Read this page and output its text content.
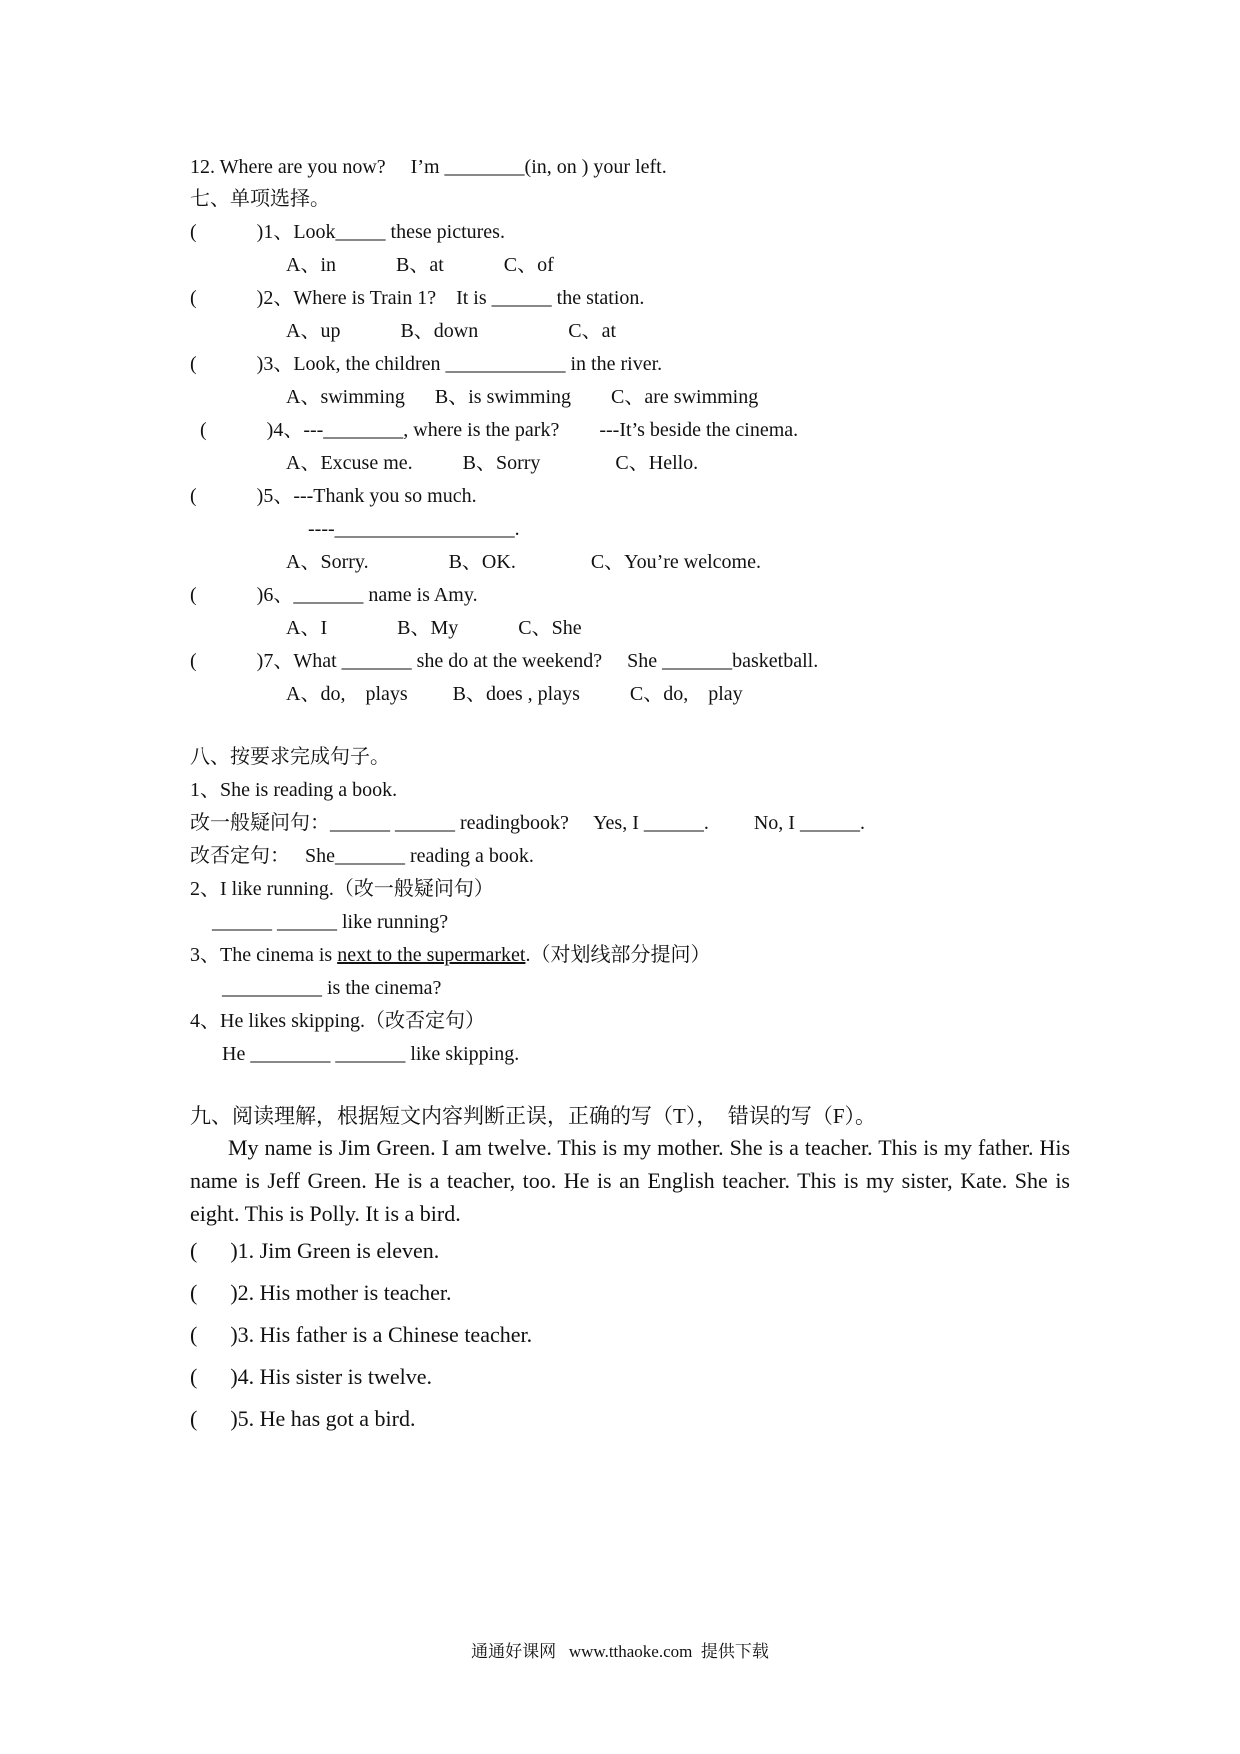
12. Where are you now?     I’m ________(in, on ) your left.
七、单项选择。
(            )1、Look_____ these pictures.
A、in            B、at            C、of
(            )2、Where is Train 1?    It is ______ the station.
A、up            B、down                  C、at
(            )3、Look, the children ____________ in the river.
A、swimming      B、is swimming        C、are swimming
(            )4、---________, where is the park?        ---It’s beside the cinema.
A、Excuse me.          B、Sorry               C、Hello.
(            )5、---Thank you so much.
----__________________.
A、Sorry.                B、OK.               C、You’re welcome.
(            )6、_______ name is Amy.
A、I              B、My            C、She
(            )7、What _______ she do at the weekend?     She _______basketball.
A、do,    plays         B、does , plays          C、do,    play
八、按要求完成句子。
1、She is reading a book.
改一般疑问句：______ ______ readingbook?     Yes, I ______.         No, I ______.
改否定句：   She_______ reading a book.
2、I like running.（改一般疑问句）
______ ______ like running?
3、The cinema is next to the supermarket.（对划线部分提问）
__________ is the cinema?
4、He likes skipping.（改否定句）
He ________ _______ like skipping.
九、阅读理解，根据短文内容判断正误，正确的写（T），  错误的写（F）。
My name is Jim Green. I am twelve. This is my mother. She is a teacher. This is my father. His name is Jeff Green. He is a teacher, too. He is an English teacher. This is my sister, Kate. She is eight. This is Polly. It is a bird.
(      )1. Jim Green is eleven.
(      )2. His mother is teacher.
(      )3. His father is a Chinese teacher.
(      )4. His sister is twelve.
(      )5. He has got a bird.
通通好课网   www.tthaoke.com  提供下载
